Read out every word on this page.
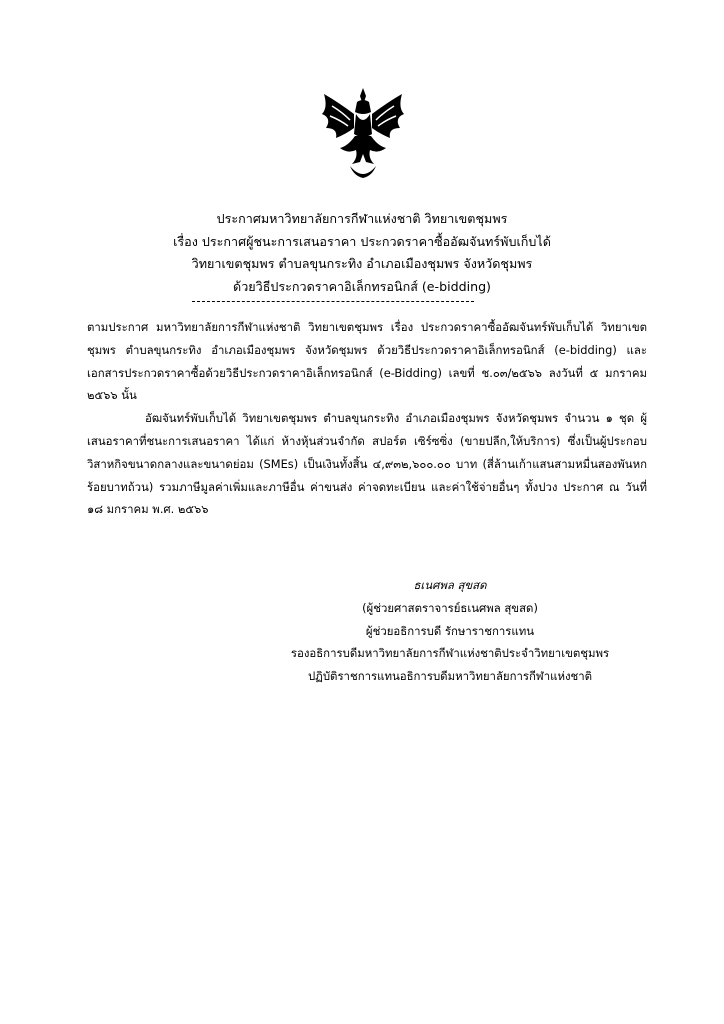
ประกาศมหาวิทยาลัยการกีฬาแห่งชาติ วิทยาเขตชุมพร
เรื่อง ประกาศผู้ชนะการเสนอราคา ประกวดราคาซื้ออัฒจันทร์พับเก็บได้
วิทยาเขตชุมพร ตำบลขุนกระทิง อำเภอเมืองชุมพร จังหวัดชุมพร
ด้วยวิธีประกวดราคาอิเล็กทรอนิกส์ (e-bidding)

ตามประกาศ มหาวิทยาลัยการกีฬาแห่งชาติ วิทยาเขตชุมพร เรื่อง ประกวดราคาซื้ออัฒจันทร์พับเก็บได้ วิทยาเขตชุมพร ตำบลขุนกระทิง อำเภอเมืองชุมพร จังหวัดชุมพร ด้วยวิธีประกวดราคาอิเล็กทรอนิกส์ (e-bidding) และเอกสารประกวดราคาซื้อด้วยวิธีประกวดราคาอิเล็กทรอนิกส์ (e-Bidding) เลขที่ ช.๐๓/๒๕๖๖ ลงวันที่ ๕ มกราคม ๒๕๖๖ นั้น

อัฒจันทร์พับเก็บได้ วิทยาเขตชุมพร ตำบลขุนกระทิง อำเภอเมืองชุมพร จังหวัดชุมพร จำนวน ๑ ชุด ผู้เสนอราคาที่ชนะการเสนอราคา ได้แก่ ห้างหุ้นส่วนจำกัด สปอร์ต เซิร์ซซิ่ง (ขายปลีก,ให้บริการ) ซึ่งเป็นผู้ประกอบวิสาหกิจขนาดกลางและขนาดย่อม (SMEs) เป็นเงินทั้งสิ้น ๔,๙๓๒,๖๐๐.๐๐ บาท (สี่ล้านเก้าแสนสามหมื่นสองพันหกร้อยบาทถ้วน) รวมภาษีมูลค่าเพิ่มและภาษีอื่น ค่าขนส่ง ค่าจดทะเบียน และค่าใช้จ่ายอื่นๆ ทั้งปวง ประกาศ ณ วันที่ ๑๘ มกราคม พ.ศ. ๒๕๖๖

ธเนศพล สุขสด
(ผู้ช่วยศาสตราจารย์ธเนศพล สุขสด)
ผู้ช่วยอธิการบดี รักษาราชการแทน
รองอธิการบดีมหาวิทยาลัยการกีฬาแห่งชาติประจำวิทยาเขตชุมพร
ปฏิบัติราชการแทนอธิการบดีมหาวิทยาลัยการกีฬาแห่งชาติ
